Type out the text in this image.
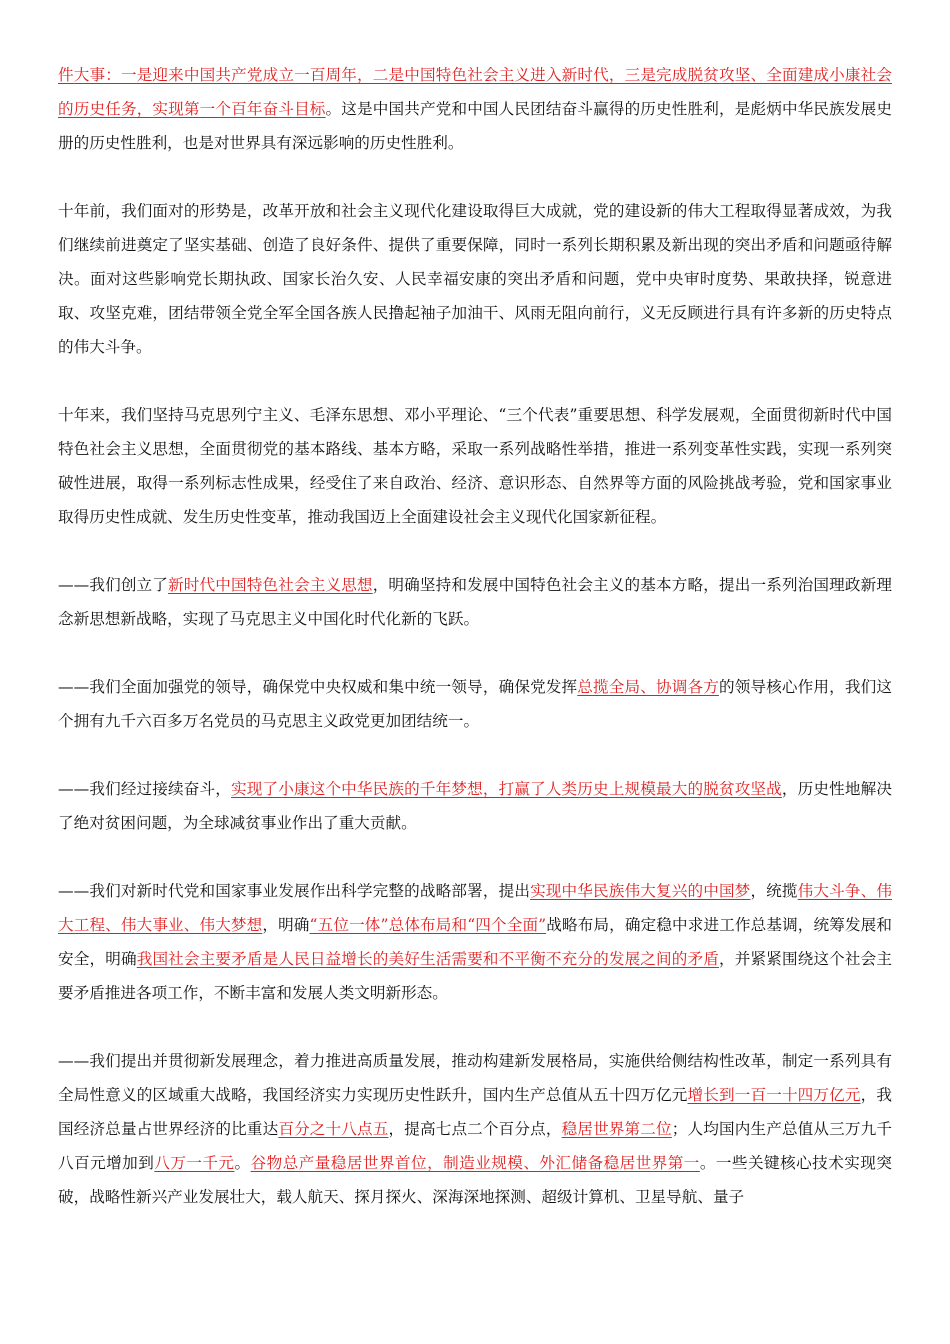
件大事：一是迎来中国共产党成立一百周年，二是中国特色社会主义进入新时代，三是完成脱贫攻坚、全面建成小康社会的历史任务，实现第一个百年奋斗目标。这是中国共产党和中国人民团结奋斗赢得的历史性胜利，是彪炳中华民族发展史册的历史性胜利，也是对世界具有深远影响的历史性胜利。

十年前，我们面对的形势是，改革开放和社会主义现代化建设取得巨大成就，党的建设新的伟大工程取得显著成效，为我们继续前进奠定了坚实基础、创造了良好条件、提供了重要保障，同时一系列长期积累及新出现的突出矛盾和问题亟待解决。面对这些影响党长期执政、国家长治久安、人民幸福安康的突出矛盾和问题，党中央审时度势、果敢抉择，锐意进取、攻坚克难，团结带领全党全军全国各族人民撸起袖子加油干、风雨无阻向前行，义无反顾进行具有许多新的历史特点的伟大斗争。

十年来，我们坚持马克思列宁主义、毛泽东思想、邓小平理论、“三个代表”重要思想、科学发展观，全面贯彻新时代中国特色社会主义思想，全面贯彻党的基本路线、基本方略，采取一系列战略性举措，推进一系列变革性实践，实现一系列突破性进展，取得一系列标志性成果，经受住了来自政治、经济、意识形态、自然界等方面的风险挑战考验，党和国家事业取得历史性成就、发生历史性变革，推动我国迈上全面建设社会主义现代化国家新征程。

——我们创立了新时代中国特色社会主义思想，明确坚持和发展中国特色社会主义的基本方略，提出一系列治国理政新理念新思想新战略，实现了马克思主义中国化时代化新的飞跃。

——我们全面加强党的领导，确保党中央权威和集中统一领导，确保党发挥总揽全局、协调各方的领导核心作用，我们这个拥有九千六百多万名党员的马克思主义政党更加团结统一。

——我们经过接续奋斗，实现了小康这个中华民族的千年梦想，打赢了人类历史上规模最大的脱贫攻坚战，历史性地解决了绝对贫困问题，为全球减贫事业作出了重大贡献。

——我们对新时代党和国家事业发展作出科学完整的战略部署，提出实现中华民族伟大复兴的中国梦，统揽伟大斗争、伟大工程、伟大事业、伟大梦想，明确“五位一体”总体布局和“四个全面”战略布局，确定稳中求进工作总基调，统筹发展和安全，明确我国社会主要矛盾是人民日益增长的美好生活需要和不平衡不充分的发展之间的矛盾，并紧紧围绕这个社会主要矛盾推进各项工作，不断丰富和发展人类文明新形态。

——我们提出并贯彻新发展理念，着力推进高质量发展，推动构建新发展格局，实施供给侧结构性改革，制定一系列具有全局性意义的区域重大战略，我国经济实力实现历史性跃升，国内生产总值从五十四万亿元增长到一百一十四万亿元，我国经济总量占世界经济的比重达百分之十八点五，提高七点二个百分点，稳居世界第二位；人均国内生产总值从三万九千八百元增加到八万一千元。谷物总产量稳居世界首位，制造业规模、外汇储备稳居世界第一。一些关键核心技术实现突破，战略性新兴产业发展壮大，载人航天、探月探火、深海深地探测、超级计算机、卫星导航、量子
